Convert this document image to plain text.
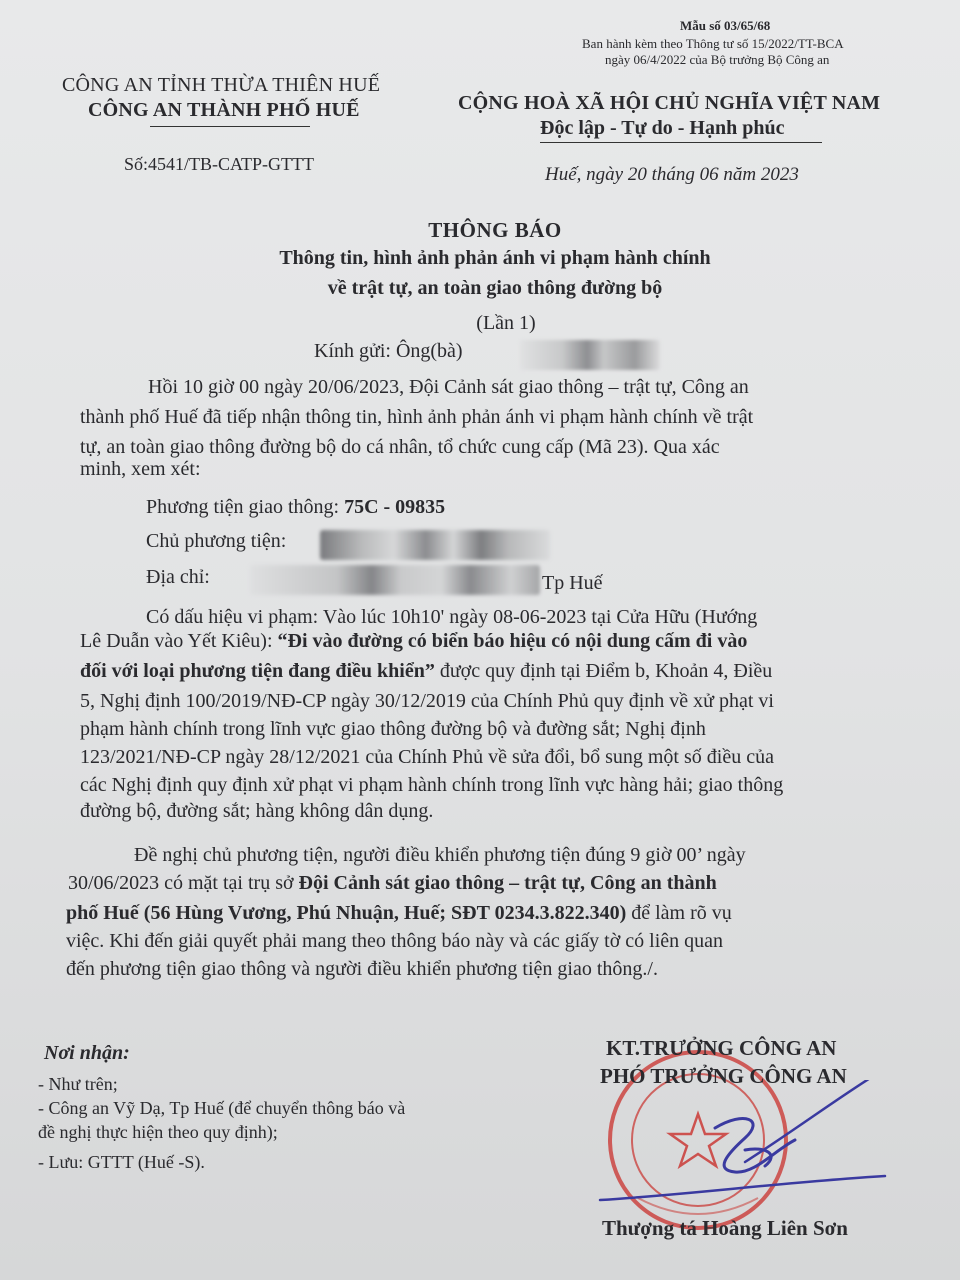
Mẫu số 03/65/68
Ban hành kèm theo Thông tư số 15/2022/TT-BCA
ngày 06/4/2022 của Bộ trưởng Bộ Công an
CÔNG AN TỈNH THỪA THIÊN HUẾ
CÔNG AN THÀNH PHỐ HUẾ
Số:4541/TB-CATP-GTTT
CỘNG HOÀ XÃ HỘI CHỦ NGHĨA VIỆT NAM
Độc lập - Tự do - Hạnh phúc
Huế, ngày 20 tháng 06 năm 2023
THÔNG BÁO
Thông tin, hình ảnh phản ánh vi phạm hành chính
về trật tự, an toàn giao thông đường bộ
(Lần 1)
Kính gửi: Ông(bà)
Hồi 10 giờ 00 ngày 20/06/2023, Đội Cảnh sát giao thông – trật tự, Công an
thành phố Huế đã tiếp nhận thông tin, hình ảnh phản ánh vi phạm hành chính về trật
tự, an toàn giao thông đường bộ do cá nhân, tổ chức cung cấp (Mã 23). Qua xác
minh, xem xét:
Phương tiện giao thông: 75C - 09835
Chủ phương tiện:
Địa chỉ:	Tp Huế
Có dấu hiệu vi phạm: Vào lúc 10h10' ngày 08-06-2023 tại Cửa Hữu (Hướng
Lê Duẫn vào Yết Kiêu): “Đi vào đường có biển báo hiệu có nội dung cấm đi vào
đối với loại phương tiện đang điều khiển” được quy định tại Điểm b, Khoản 4, Điều
5, Nghị định 100/2019/NĐ-CP ngày 30/12/2019 của Chính Phủ quy định về xử phạt vi
phạm hành chính trong lĩnh vực giao thông đường bộ và đường sắt; Nghị định
123/2021/NĐ-CP ngày 28/12/2021 của Chính Phủ về sửa đổi, bổ sung một số điều của
các Nghị định quy định xử phạt vi phạm hành chính trong lĩnh vực hàng hải; giao thông
đường bộ, đường sắt; hàng không dân dụng.
Đề nghị chủ phương tiện, người điều khiển phương tiện đúng 9 giờ 00’ ngày
30/06/2023 có mặt tại trụ sở Đội Cảnh sát giao thông – trật tự, Công an thành
phố Huế (56 Hùng Vương, Phú Nhuận, Huế; SĐT 0234.3.822.340) để làm rõ vụ
việc. Khi đến giải quyết phải mang theo thông báo này và các giấy tờ có liên quan
đến phương tiện giao thông và người điều khiển phương tiện giao thông./.
Nơi nhận:
- Như trên;
- Công an Vỹ Dạ, Tp Huế (để chuyển thông báo và
đề nghị thực hiện theo quy định);
- Lưu: GTTT (Huế -S).
KT.TRƯỞNG CÔNG AN
PHÓ TRƯỞNG CÔNG AN
Thượng tá Hoàng Liên Sơn
